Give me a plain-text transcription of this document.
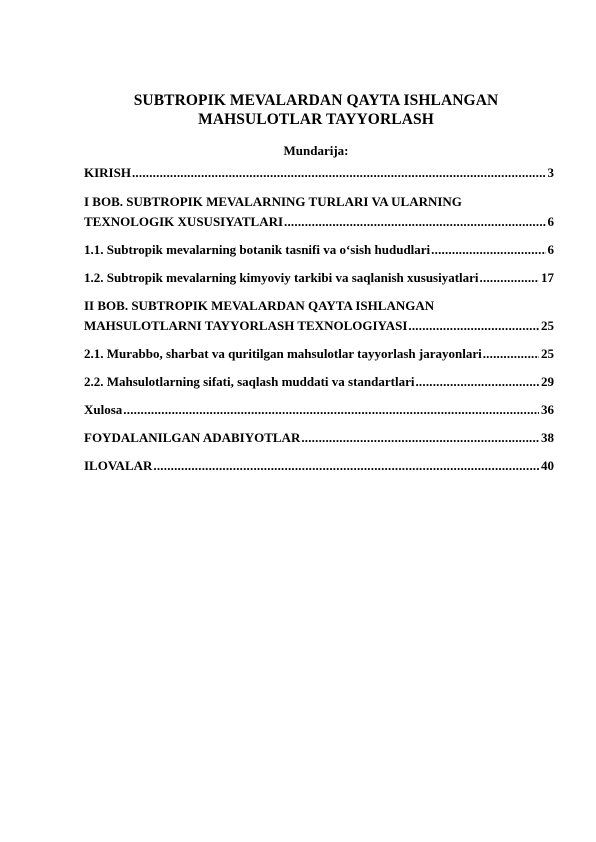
SUBTROPIK MEVALARDAN QAYTA ISHLANGAN
MAHSULOTLAR TAYYORLASH
Mundarija:
KIRISH .....	3
I BOB. SUBTROPIK MEVALARNING TURLARI VA ULARNING
TEXNOLOGIK XUSUSIYATLARI .....	6
1.1. Subtropik mevalarning botanik tasnifi va o‘sish hududlari .....	6
1.2. Subtropik mevalarning kimyoviy tarkibi va saqlanish xususiyatlari .....	17
II BOB. SUBTROPIK MEVALARDAN QAYTA ISHLANGAN
MAHSULOTLARNI TAYYORLASH TEXNOLOGIYASI .....	25
2.1. Murabbo, sharbat va quritilgan mahsulotlar tayyorlash jarayonlari .....	25
2.2. Mahsulotlarning sifati, saqlash muddati va standartlari .....	29
Xulosa .....	36
FOYDALANILGAN ADABIYOTLAR .....	38
ILOVALAR .....	40
